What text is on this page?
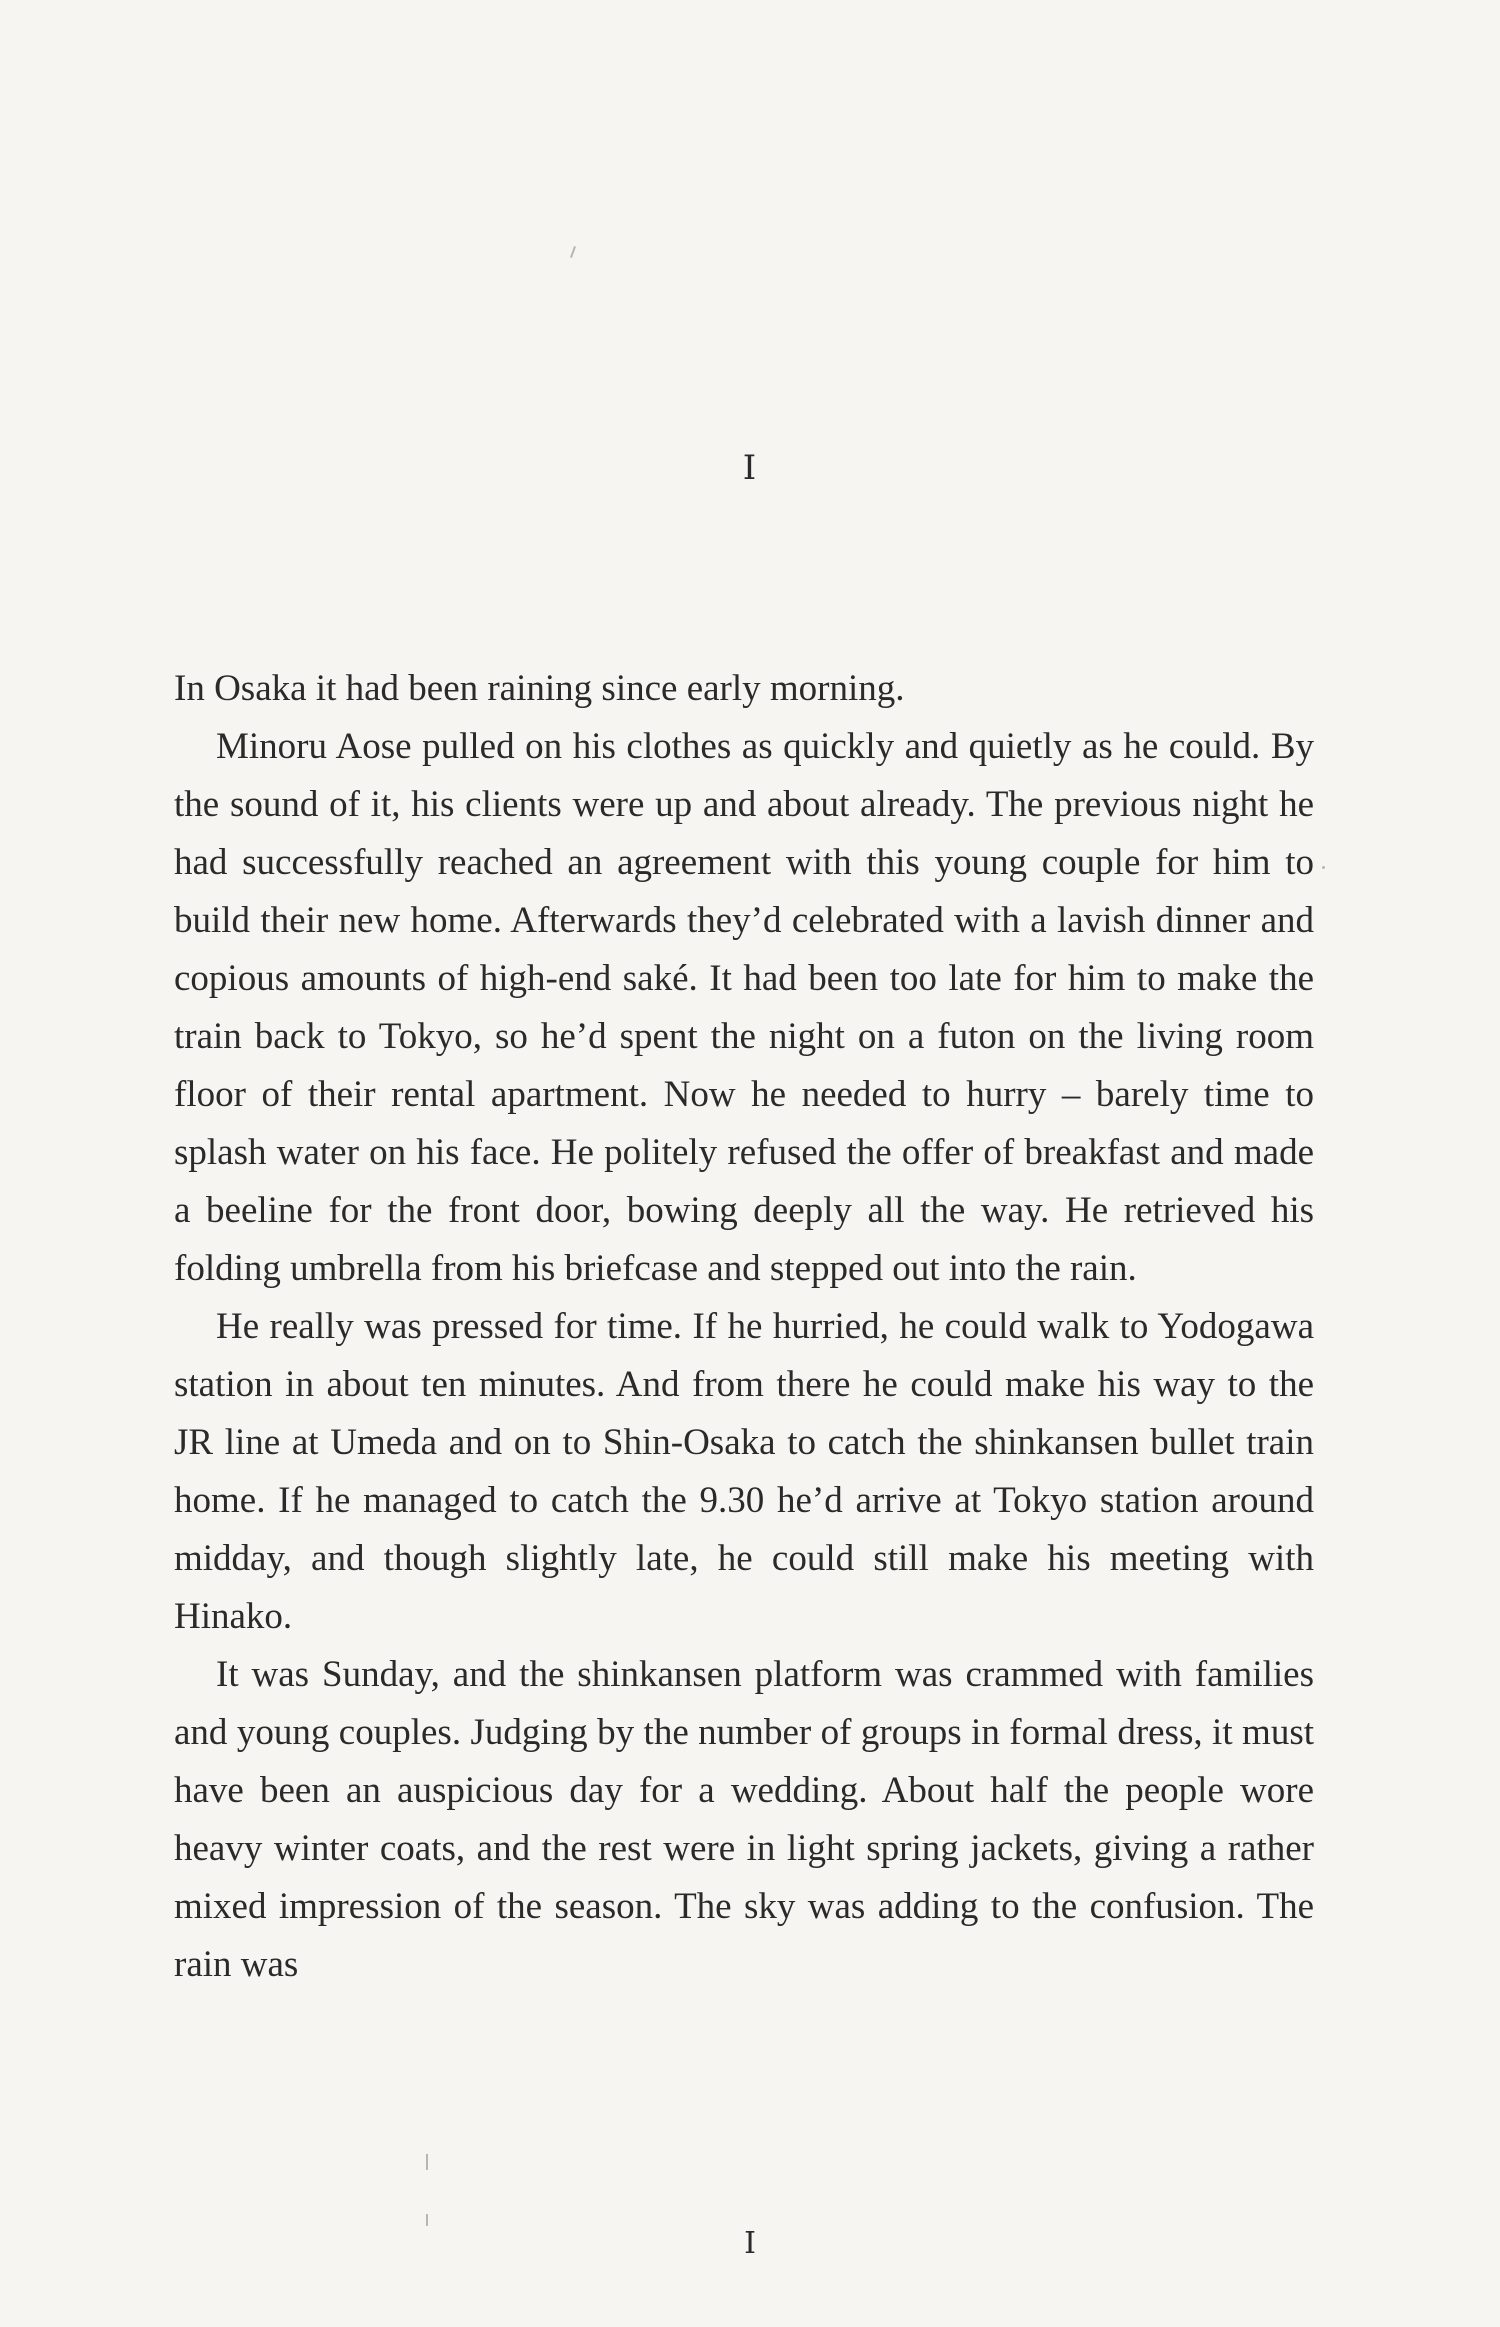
I

In Osaka it had been raining since early morning.

Minoru Aose pulled on his clothes as quickly and quietly as he could. By the sound of it, his clients were up and about already. The previous night he had successfully reached an agreement with this young couple for him to build their new home. Afterwards they’d celebrated with a lavish dinner and copious amounts of high-end saké. It had been too late for him to make the train back to Tokyo, so he’d spent the night on a futon on the living room floor of their rental apartment. Now he needed to hurry – barely time to splash water on his face. He politely refused the offer of breakfast and made a beeline for the front door, bowing deeply all the way. He retrieved his folding umbrella from his briefcase and stepped out into the rain.

He really was pressed for time. If he hurried, he could walk to Yodogawa station in about ten minutes. And from there he could make his way to the JR line at Umeda and on to Shin-Osaka to catch the shinkansen bullet train home. If he managed to catch the 9.30 he’d arrive at Tokyo station around midday, and though slightly late, he could still make his meeting with Hinako.

It was Sunday, and the shinkansen platform was crammed with families and young couples. Judging by the number of groups in formal dress, it must have been an auspicious day for a wedding. About half the people wore heavy winter coats, and the rest were in light spring jackets, giving a rather mixed impression of the season. The sky was adding to the confusion. The rain was

I
